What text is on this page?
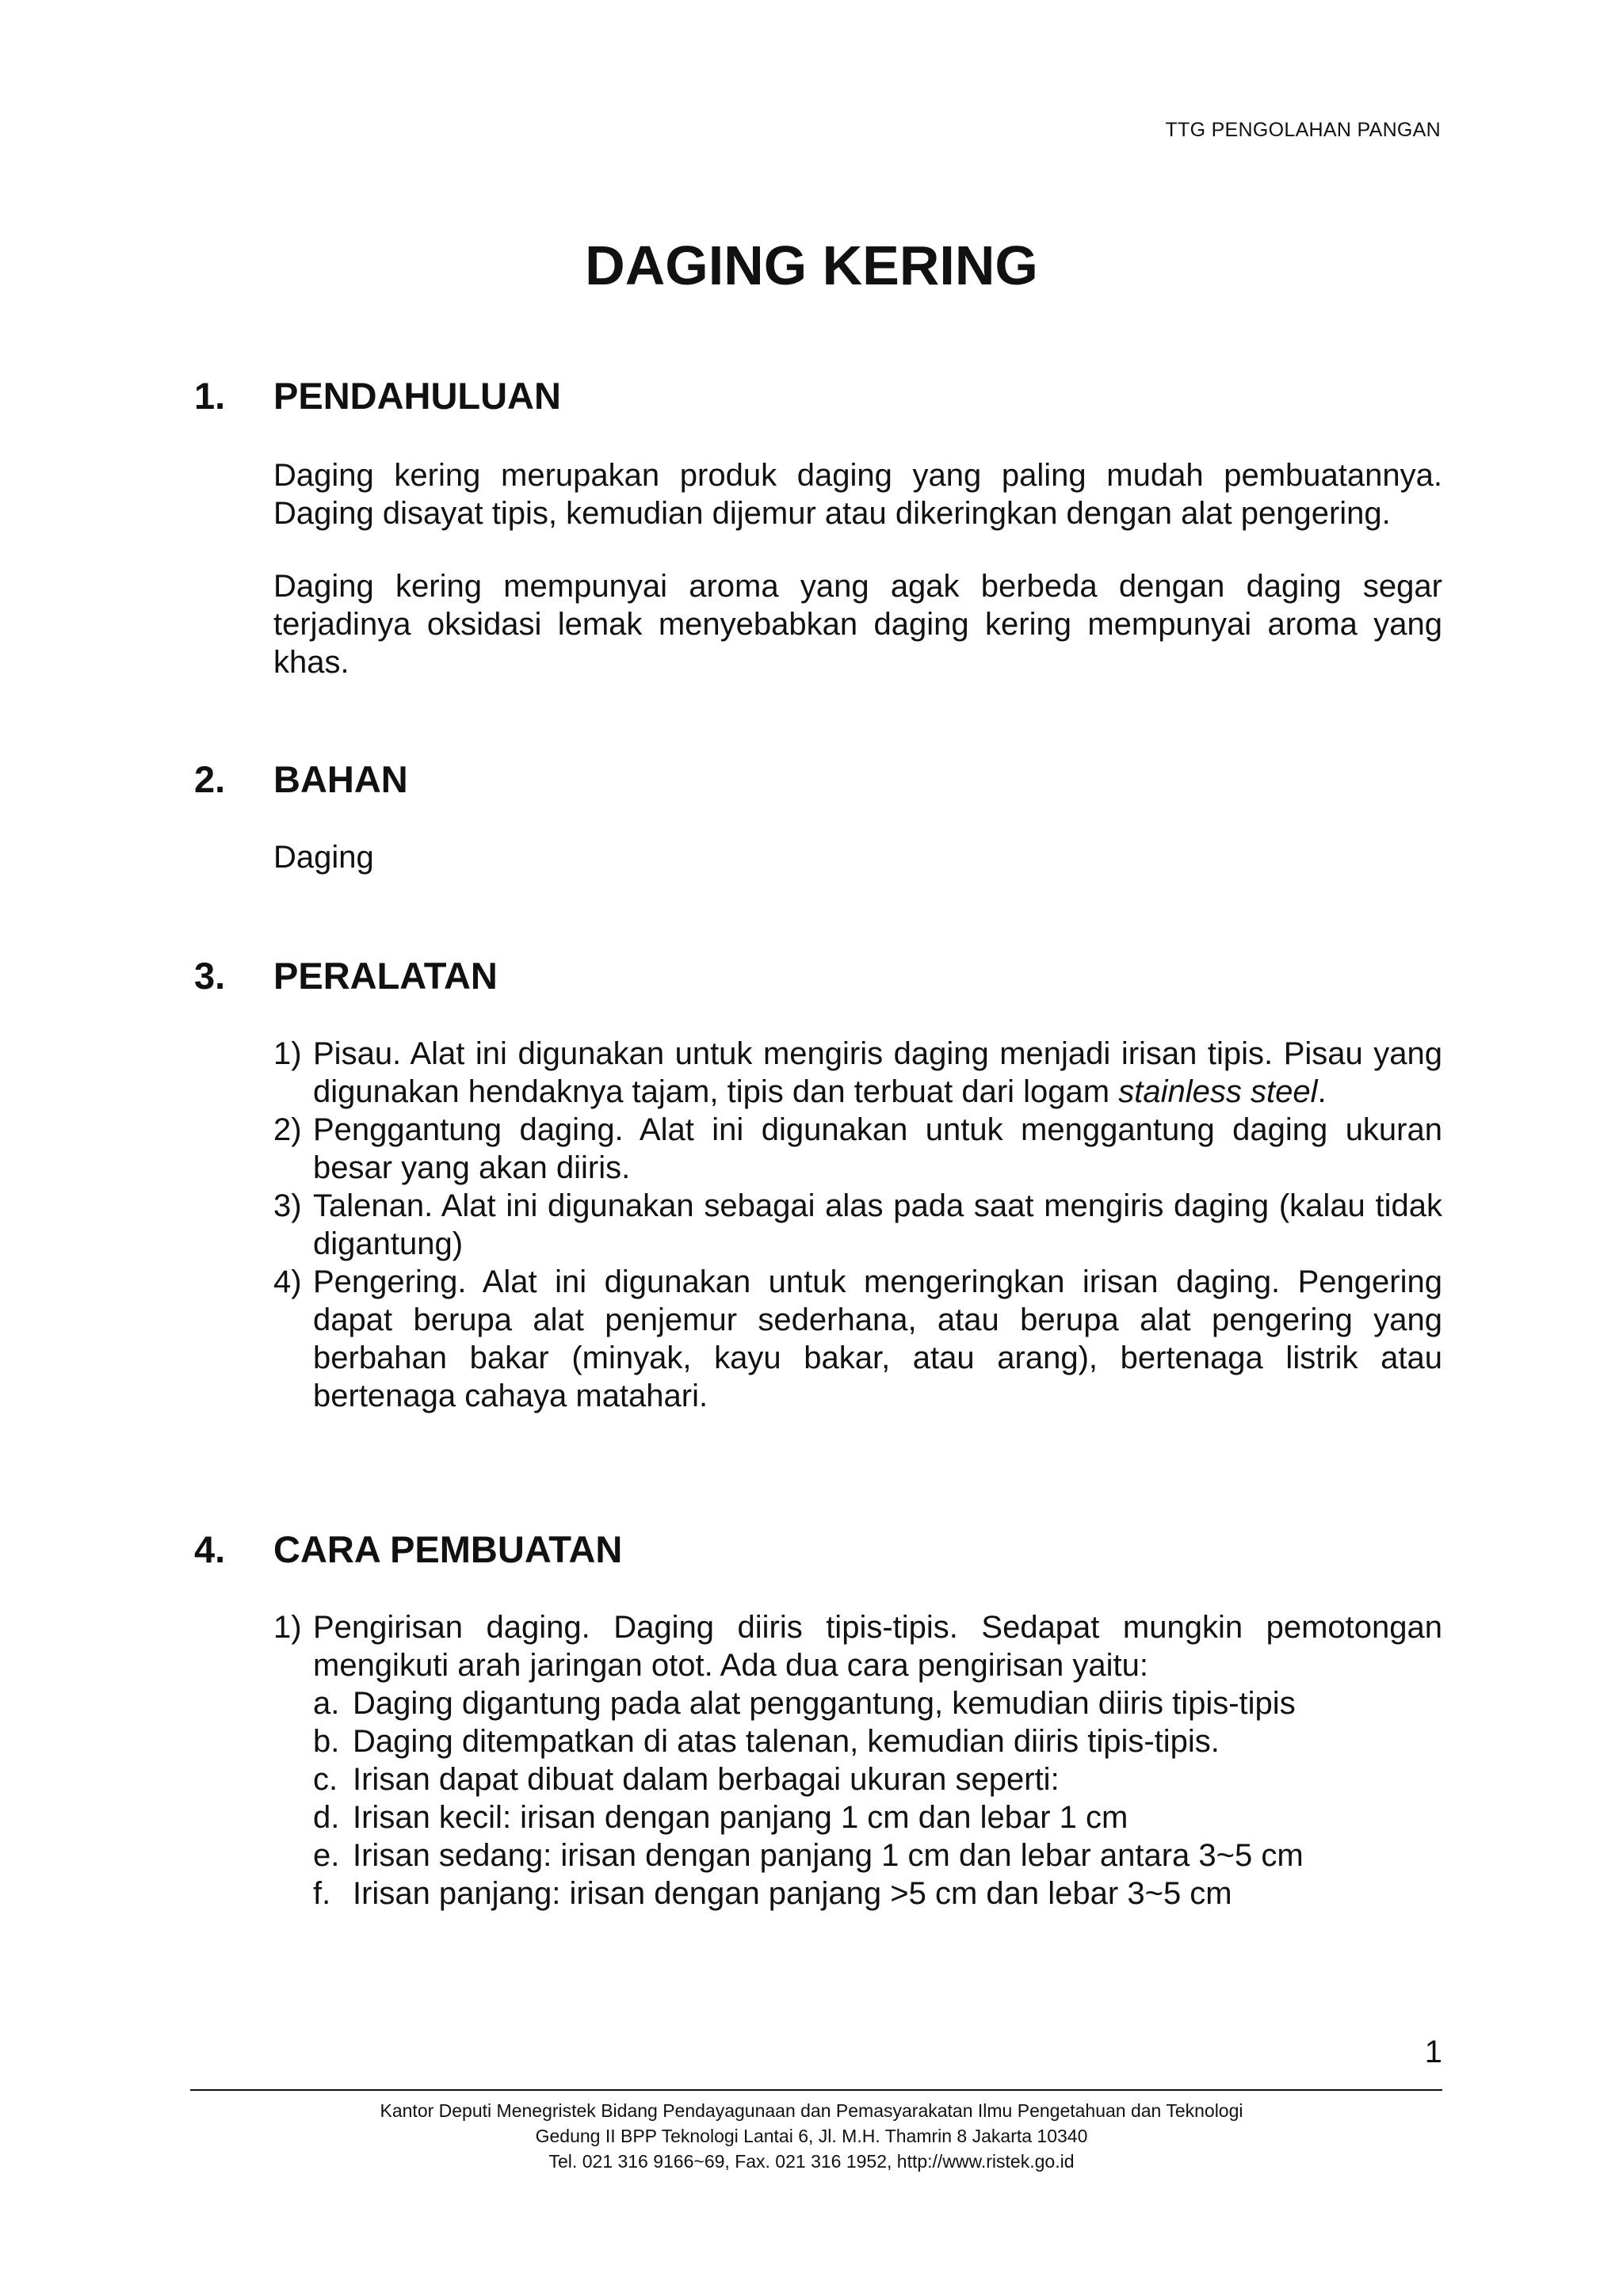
TTG PENGOLAHAN PANGAN
DAGING KERING
1. PENDAHULUAN

Daging kering merupakan produk daging yang paling mudah pembuatannya. Daging disayat tipis, kemudian dijemur atau dikeringkan dengan alat pengering.

Daging kering mempunyai aroma yang agak berbeda dengan daging segar terjadinya oksidasi lemak menyebabkan daging kering mempunyai aroma yang khas.

2. BAHAN

Daging

3. PERALATAN
1) Pisau. Alat ini digunakan untuk mengiris daging menjadi irisan tipis. Pisau yang digunakan hendaknya tajam, tipis dan terbuat dari logam stainless steel.
2) Penggantung daging. Alat ini digunakan untuk menggantung daging ukuran besar yang akan diiris.
3) Talenan. Alat ini digunakan sebagai alas pada saat mengiris daging (kalau tidak digantung)
4) Pengering. Alat ini digunakan untuk mengeringkan irisan daging. Pengering dapat berupa alat penjemur sederhana, atau berupa alat pengering yang berbahan bakar (minyak, kayu bakar, atau arang), bertenaga listrik atau bertenaga cahaya matahari.
4. CARA PEMBUATAN
1) Pengirisan daging. Daging diiris tipis-tipis. Sedapat mungkin pemotongan mengikuti arah jaringan otot. Ada dua cara pengirisan yaitu:
a. Daging digantung pada alat penggantung, kemudian diiris tipis-tipis
b. Daging ditempatkan di atas talenan, kemudian diiris tipis-tipis.
c. Irisan dapat dibuat dalam berbagai ukuran seperti:
d. Irisan kecil: irisan dengan panjang 1 cm dan lebar 1 cm
e. Irisan sedang: irisan dengan panjang 1 cm dan lebar antara 3~5 cm
f. Irisan panjang: irisan dengan panjang >5 cm dan lebar 3~5 cm
1
Kantor Deputi Menegristek Bidang Pendayagunaan dan Pemasyarakatan Ilmu Pengetahuan dan Teknologi
Gedung II BPP Teknologi Lantai 6, Jl. M.H. Thamrin 8 Jakarta 10340
Tel. 021 316 9166~69, Fax. 021 316 1952, http://www.ristek.go.id
